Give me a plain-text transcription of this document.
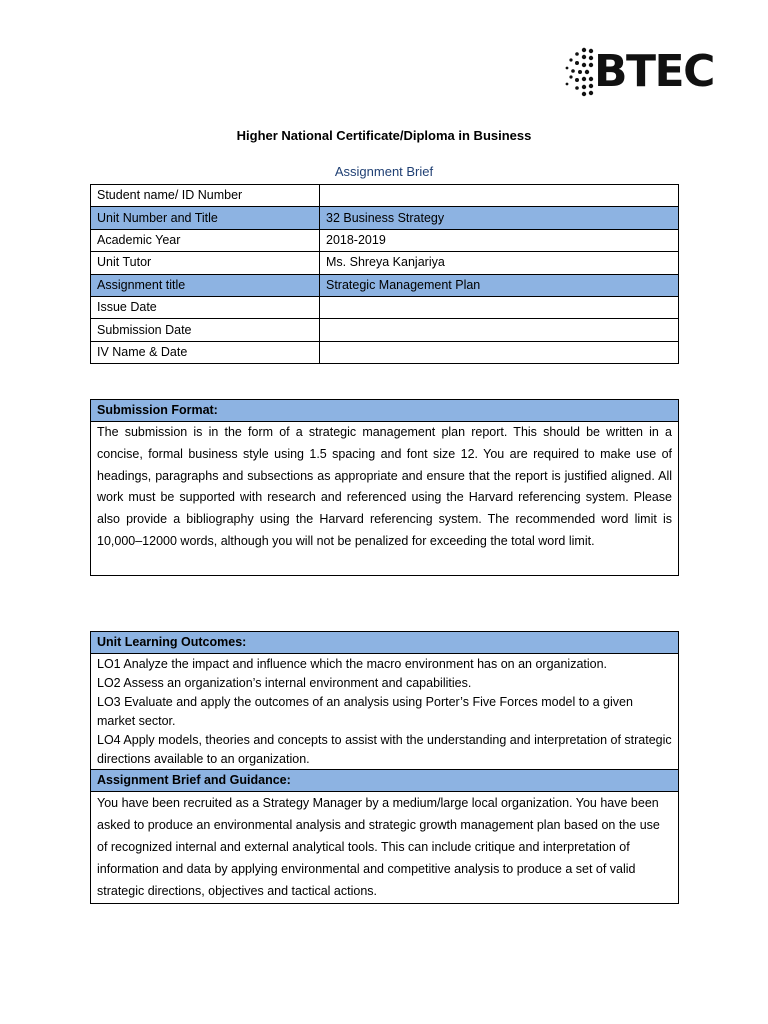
BTEC
Higher National Certificate/Diploma in Business
Assignment Brief
Student name/ ID Number	
Unit Number and Title	32 Business Strategy
Academic Year	2018-2019
Unit Tutor	Ms. Shreya Kanjariya
Assignment title	Strategic Management Plan
Issue Date	
Submission Date	
IV Name & Date	
Submission Format:
The submission is in the form of a strategic management plan report. This should be written in a concise, formal business style using 1.5 spacing and font size 12. You are required to make use of headings, paragraphs and subsections as appropriate and ensure that the report is justified aligned. All work must be supported with research and referenced using the Harvard referencing system. Please also provide a bibliography using the Harvard referencing system. The recommended word limit is 10,000–12000 words, although you will not be penalized for exceeding the total word limit.
Unit Learning Outcomes:

LO1 Analyze the impact and influence which the macro environment has on an organization.
LO2 Assess an organization’s internal environment and capabilities.
LO3 Evaluate and apply the outcomes of an analysis using Porter’s Five Forces model to a given market sector.
LO4 Apply models, theories and concepts to assist with the understanding and interpretation of strategic directions available to an organization.

Assignment Brief and Guidance:
You have been recruited as a Strategy Manager by a medium/large local organization. You have been asked to produce an environmental analysis and strategic growth management plan based on the use of recognized internal and external analytical tools. This can include critique and interpretation of information and data by applying environmental and competitive analysis to produce a set of valid strategic directions, objectives and tactical actions.
